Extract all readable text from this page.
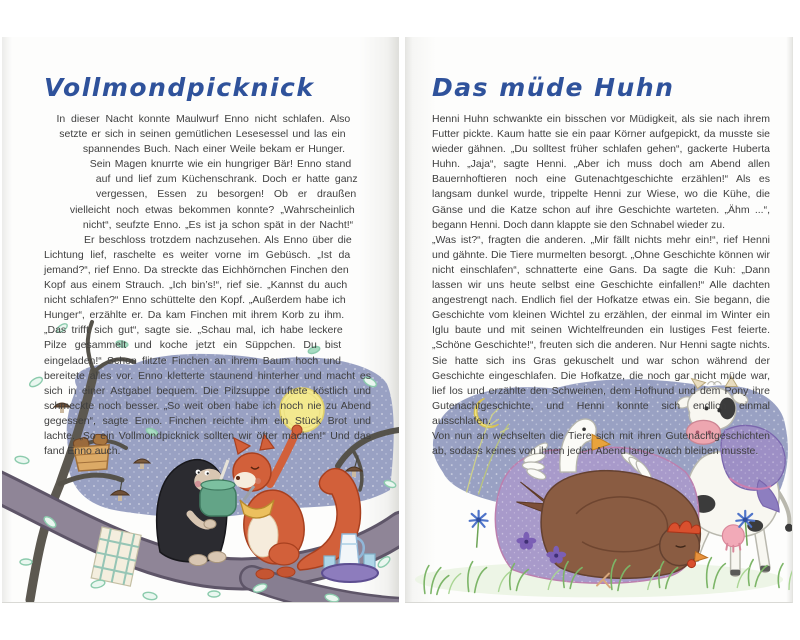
Vollmondpicknick

In dieser Nacht konnte Maulwurf Enno nicht schlafen. Also setzte er sich in seinen gemütlichen Lesesessel und las ein spannendes Buch. Nach einer Weile bekam er Hunger. Sein Magen knurrte wie ein hungriger Bär! Enno stand auf und lief zum Küchenschrank. Doch er hatte ganz vergessen, Essen zu besorgen! Ob er draußen vielleicht noch etwas bekommen konnte? „Wahrscheinlich nicht“, seufzte Enno. „Es ist ja schon spät in der Nacht!“ Er beschloss trotzdem nachzusehen. Als Enno über die Lichtung lief, raschelte es weiter vorne im Gebüsch. „Ist da jemand?“, rief Enno. Da streckte das Eichhörnchen Finchen den Kopf aus einem Strauch. „Ich bin’s!“, rief sie. „Kannst du auch nicht schlafen?“ Enno schüttelte den Kopf. „Außerdem habe ich Hunger“, erzählte er. Da kam Finchen mit ihrem Korb zu ihm. „Das trifft sich gut“, sagte sie. „Schau mal, ich habe leckere Pilze gesammelt und koche jetzt ein Süppchen. Du bist eingeladen!“ Schon flitzte Finchen an ihrem Baum hoch und bereitete alles vor. Enno kletterte staunend hinterher und macht es sich in einer Astgabel bequem. Die Pilzsuppe duftete köstlich und schmeckte noch besser. „So weit oben habe ich noch nie zu Abend gegessen“, sagte Enno. Finchen reichte ihm ein Stück Brot und lachte. „So ein Vollmondpicknick sollten wir öfter machen!“ Und das fand Enno auch.

Das müde Huhn

Henni Huhn schwankte ein bisschen vor Müdigkeit, als sie nach ihrem Futter pickte. Kaum hatte sie ein paar Körner aufgepickt, da musste sie wieder gähnen. „Du solltest früher schlafen gehen“, gackerte Huberta Huhn. „Jaja“, sagte Henni. „Aber ich muss doch am Abend allen Bauernhoftieren noch eine Gutenachtgeschichte erzählen!“ Als es langsam dunkel wurde, trippelte Henni zur Wiese, wo die Kühe, die Gänse und die Katze schon auf ihre Geschichte warteten. „Ähm ...“, begann Henni. Doch dann klappte sie den Schnabel wieder zu.

„Was ist?“, fragten die anderen. „Mir fällt nichts mehr ein!“, rief Henni und gähnte. Die Tiere murmelten besorgt. „Ohne Geschichte können wir nicht einschlafen“, schnatterte eine Gans. Da sagte die Kuh: „Dann lassen wir uns heute selbst eine Geschichte einfallen!“ Alle dachten angestrengt nach. Endlich fiel der Hofkatze etwas ein. Sie begann, die Geschichte vom kleinen Wichtel zu erzählen, der einmal im Winter ein Iglu baute und mit seinen Wichtelfreunden ein lustiges Fest feierte. „Schöne Geschichte!“, freuten sich die anderen. Nur Henni sagte nichts. Sie hatte sich ins Gras gekuschelt und war schon während der Geschichte eingeschlafen. Die Hofkatze, die noch gar nicht müde war, lief los und erzählte den Schweinen, dem Hofhund und dem Pony ihre Gutenachtgeschichte, und Henni konnte sich endlich einmal ausschlafen.

Von nun an wechselten die Tiere sich mit ihren Gutenachtgeschichten ab, sodass keines von ihnen jeden Abend lange wach bleiben musste.
